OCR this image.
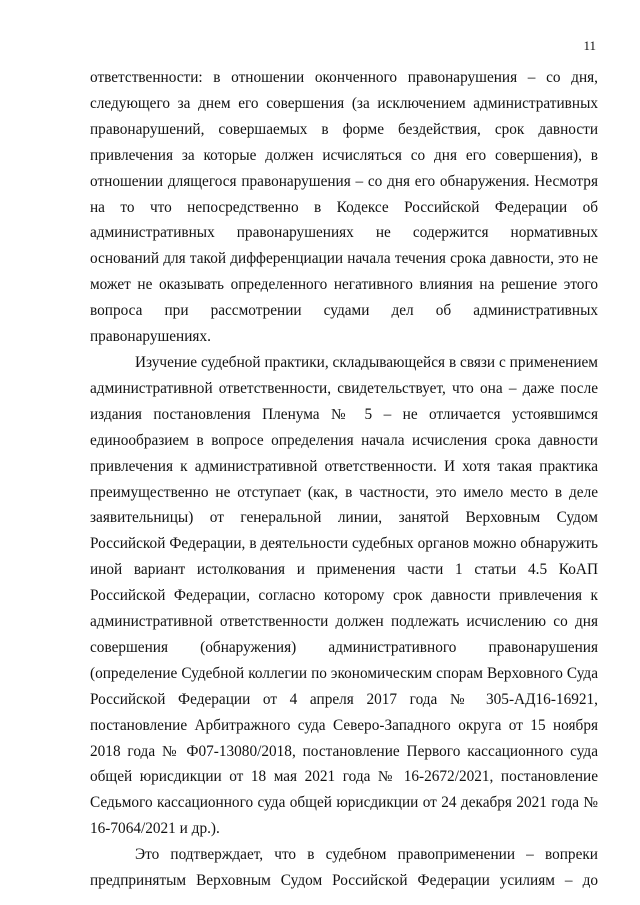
11

ответственности: в отношении оконченного правонарушения – со дня, следующего за днем его совершения (за исключением административных правонарушений, совершаемых в форме бездействия, срок давности привлечения за которые должен исчисляться со дня его совершения), в отношении длящегося правонарушения – со дня его обнаружения. Несмотря на то что непосредственно в Кодексе Российской Федерации об административных правонарушениях не содержится нормативных оснований для такой дифференциации начала течения срока давности, это не может не оказывать определенного негативного влияния на решение этого вопроса при рассмотрении судами дел об административных правонарушениях.

Изучение судебной практики, складывающейся в связи с применением административной ответственности, свидетельствует, что она – даже после издания постановления Пленума № 5 – не отличается устоявшимся единообразием в вопросе определения начала исчисления срока давности привлечения к административной ответственности. И хотя такая практика преимущественно не отступает (как, в частности, это имело место в деле заявительницы) от генеральной линии, занятой Верховным Судом Российской Федерации, в деятельности судебных органов можно обнаружить иной вариант истолкования и применения части 1 статьи 4.5 КоАП Российской Федерации, согласно которому срок давности привлечения к административной ответственности должен подлежать исчислению со дня совершения (обнаружения) административного правонарушения (определение Судебной коллегии по экономическим спорам Верховного Суда Российской Федерации от 4 апреля 2017 года № 305-АД16-16921, постановление Арбитражного суда Северо-Западного округа от 15 ноября 2018 года № Ф07-13080/2018, постановление Первого кассационного суда общей юрисдикции от 18 мая 2021 года № 16-2672/2021, постановление Седьмого кассационного суда общей юрисдикции от 24 декабря 2021 года № 16-7064/2021 и др.).

Это подтверждает, что в судебном правоприменении – вопреки предпринятым Верховным Судом Российской Федерации усилиям – до
